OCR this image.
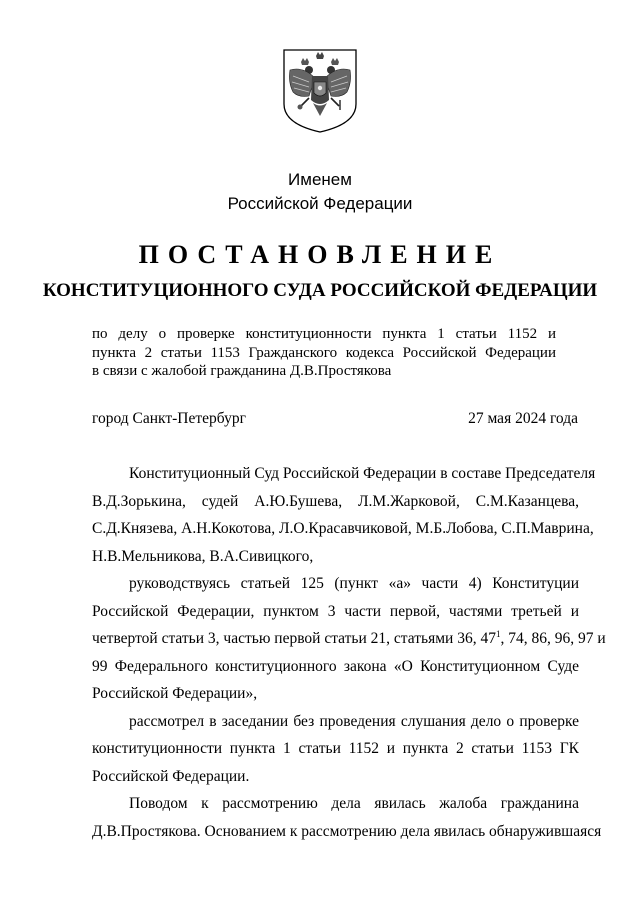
Именем
Российской Федерации
ПОСТАНОВЛЕНИЕ
КОНСТИТУЦИОННОГО СУДА РОССИЙСКОЙ ФЕДЕРАЦИИ
по делу о проверке конституционности пункта 1 статьи 1152 и
пункта 2 статьи 1153 Гражданского кодекса Российской Федерации
в связи с жалобой гражданина Д.В.Простякова
город Санкт-Петербург	27 мая 2024 года
Конституционный Суд Российской Федерации в составе Председателя
В.Д.Зорькина, судей А.Ю.Бушева, Л.М.Жарковой, С.М.Казанцева,
С.Д.Князева, А.Н.Кокотова, Л.О.Красавчиковой, М.Б.Лобова, С.П.Маврина,
Н.В.Мельникова, В.А.Сивицкого,
руководствуясь статьей 125 (пункт «а» части 4) Конституции
Российской Федерации, пунктом 3 части первой, частями третьей и
четвертой статьи 3, частью первой статьи 21, статьями 36, $47^1$, 74, 86, 96, 97 и
99 Федерального конституционного закона «О Конституционном Суде
Российской Федерации»,
рассмотрел в заседании без проведения слушания дело о проверке
конституционности пункта 1 статьи 1152 и пункта 2 статьи 1153 ГК
Российской Федерации.
Поводом к рассмотрению дела явилась жалоба гражданина
Д.В.Простякова. Основанием к рассмотрению дела явилась обнаружившаяся
